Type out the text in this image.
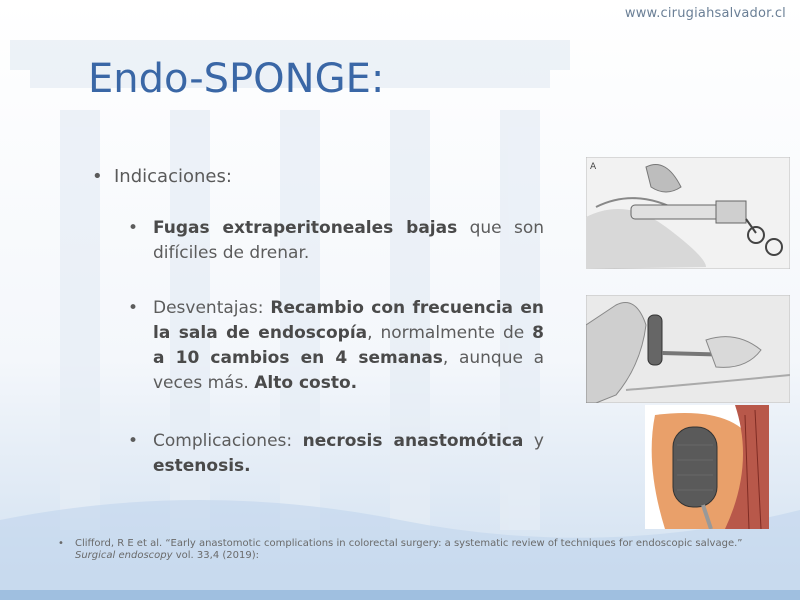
www.cirugiahsalvador.cl
Endo-SPONGE:
• Indicaciones:
• Fugas extraperitoneales bajas que son difíciles de drenar.
• Desventajas: Recambio con frecuencia en la sala de endoscopía, normalmente de 8 a 10 cambios en 4 semanas, aunque a veces más. Alto costo.
• Complicaciones: necrosis anastomótica y estenosis.
•	Clifford, R E et al. “Early anastomotic complications in colorectal surgery: a systematic review of techniques for endoscopic salvage.” Surgical endoscopy vol. 33,4 (2019):
A
